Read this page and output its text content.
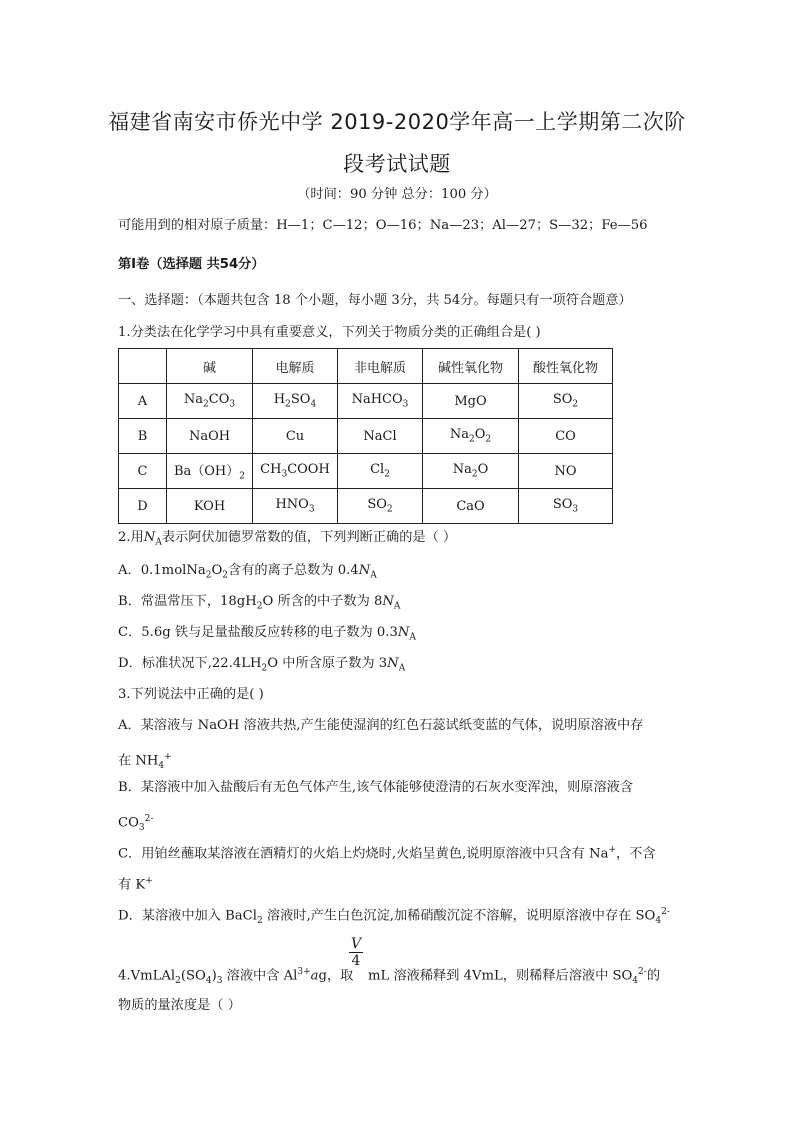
福建省南安市侨光中学 2019-2020学年高一上学期第二次阶
段考试试题
（时间：90 分钟 总分：100 分）
可能用到的相对原子质量：H—1；C—12；O—16；Na—23；Al—27；S—32；Fe—56
第Ⅰ卷（选择题 共54分）
一、选择题：（本题共包含 18 个小题，每小题 3分，共 54分。每题只有一项符合题意）
1.分类法在化学学习中具有重要意义，下列关于物质分类的正确组合是( )
	碱	电解质	非电解质	碱性氧化物	酸性氧化物
A	$Na_2CO_3$	$H_2SO_4$	NaHCO$_3$	MgO	$SO_2$
B	NaOH	Cu	NaCl	$Na_2O_2$	CO
C	$Ba(OH)_2$	$CH_3COOH$	$Cl_2$	$Na_2O$	NO
D	KOH	$HNO_3$	$SO_2$	CaO	$SO_3$
2.用$N_A$表示阿伏加德罗常数的值，下列判断正确的是（ ）
A．$0.1molNa_2O_2$含有的离子总数为 $0.4N_A$
B．常温常压下，$18gH_2O$ 所含的中子数为 $8N_A$
C．5.6g 铁与足量盐酸反应转移的电子数为 $0.3N_A$
D．标准状况下$,22.4LH_2O$ 中所含原子数为 $3N_A$
3.下列说法中正确的是( )
A．某溶液与 NaOH 溶液共热,产生能使湿润的红色石蕊试纸变蓝的气体，说明原溶液中存
在 $NH_4^+$
B．某溶液中加入盐酸后有无色气体产生,该气体能够使澄清的石灰水变浑浊，则原溶液含
$CO_3^{2-}$
C．用铂丝蘸取某溶液在酒精灯的火焰上灼烧时,火焰呈黄色,说明原溶液中只含有 Na+，不含
有 K+
D．某溶液中加入 BaCl$_2$ 溶液时,产生白色沉淀,加稀硝酸沉淀不溶解，说明原溶液中存在 $SO_4^{2-}$
$4.VmLAl_2(SO_4)_3$ 溶液中含 $Al^{3+}ag$，取
$\frac{V}{4}$
mL 溶液稀释到 4VmL，则稀释后溶液中 $SO_4^{2-}$的
物质的量浓度是（ ）
